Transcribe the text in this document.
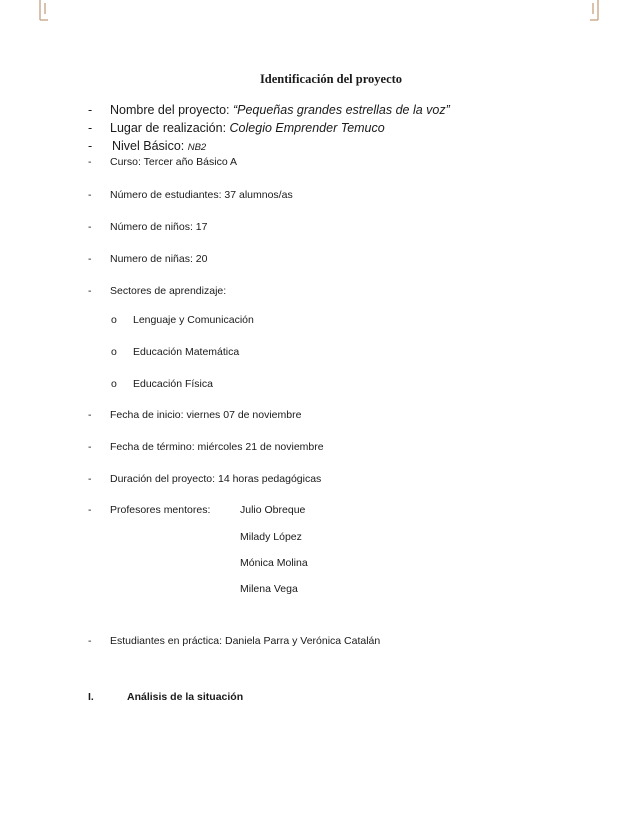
Identificación del proyecto
- Nombre del proyecto: “Pequeñas grandes estrellas de la voz”
- Lugar de realización: Colegio Emprender Temuco
- Nivel Básico: NB2
- Curso: Tercer año Básico A
- Número de estudiantes: 37 alumnos/as
- Número de niños: 17
- Numero de niñas: 20
- Sectores de aprendizaje:
o Lenguaje y Comunicación
o Educación Matemática
o Educación Física
- Fecha de inicio: viernes 07 de noviembre
- Fecha de término: miércoles 21 de noviembre
- Duración del proyecto: 14 horas pedagógicas
- Profesores mentores:	Julio Obreque
Milady López
Mónica Molina
Milena Vega
- Estudiantes en práctica: Daniela Parra y Verónica Catalán
I.	Análisis de la situación
